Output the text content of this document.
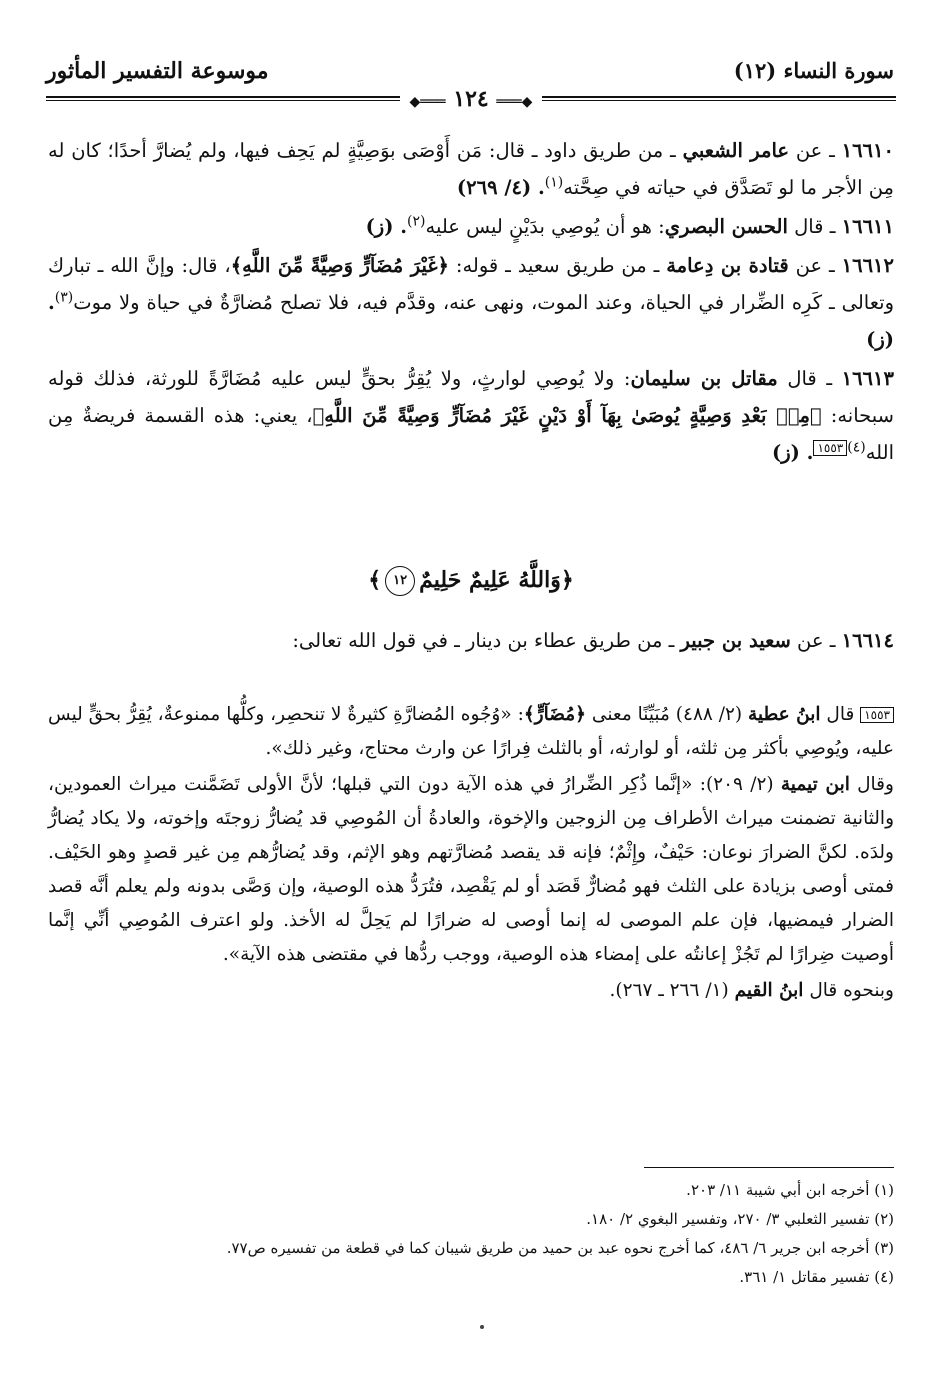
سورة النساء (١٢)
موسوعة التفسير المأثور
◆═══ ١٢٤ ═══◆

١٦٦١٠ ـ عن عامر الشعبي ـ من طريق داود ـ قال: مَن أَوْصَى بوَصِيَّةٍ لم يَحِف فيها، ولم يُضارَّ أحدًا؛ كان له مِن الأجر ما لو تَصَدَّق في حياته في صِحَّته$^{(١)}$. (٤/ ٢٦٩)

١٦٦١١ ـ قال الحسن البصري: هو أن يُوصِي بدَيْنٍ ليس عليه$^{(٢)}$. (ز)

١٦٦١٢ ـ عن قتادة بن دِعامة ـ من طريق سعيد ـ قوله: ﴿غَيْرَ مُضَآرٍّ وَصِيَّةً مِّنَ اللَّهِ﴾، قال: وإنَّ الله ـ تبارك وتعالى ـ كَرِه الضِّرار في الحياة، وعند الموت، ونهى عنه، وقدَّم فيه، فلا تصلح مُضارَّةٌ في حياة ولا موت$^{(٣)}$. (ز)

١٦٦١٣ ـ قال مقاتل بن سليمان: ولا يُوصِي لوارثٍ، ولا يُقِرُّ بحقٍّ ليس عليه مُضَارَّةً للورثة، فذلك قوله سبحانه: ﴿مِنۢ بَعْدِ وَصِيَّةٍ يُوصَىٰ بِهَآ أَوْ دَيْنٍ غَيْرَ مُضَآرٍّ وَصِيَّةً مِّنَ اللَّهِ﴾، يعني: هذه القسمة فريضةٌ مِن الله$^{(٤)}$١٥٥٣. (ز)

﴿وَاللَّهُ عَلِيمٌ حَلِيمٌ١٢﴾

١٦٦١٤ ـ عن سعيد بن جبير ـ من طريق عطاء بن دينار ـ في قول الله تعالى:

١٥٥٣ قال ابنُ عطية (٢/ ٤٨٨) مُبَيِّنًا معنى ﴿مُضَآرٍّ﴾: «وُجُوه المُضارَّةِ كثيرةٌ لا تنحصِر، وكلُّها ممنوعةٌ، يُقِرُّ بحقٍّ ليس عليه، ويُوصِي بأكثر مِن ثلثه، أو لوارثه، أو بالثلث فِرارًا عن وارث محتاج، وغير ذلك».

وقال ابن تيمية (٢/ ٢٠٩): «إنَّما ذُكِر الضِّرارُ في هذه الآية دون التي قبلها؛ لأنَّ الأولى تَضَمَّنت ميراث العمودين، والثانية تضمنت ميراث الأطراف مِن الزوجين والإخوة، والعادةُ أن المُوصِي قد يُضارُّ زوجتَه وإخوته، ولا يكاد يُضارُّ ولدَه. لكنَّ الضرارَ نوعان: حَيْفٌ، وإِثْمٌ؛ فإنه قد يقصد مُضارَّتهم وهو الإثم، وقد يُضارُّهم مِن غير قصدٍ وهو الحَيْف. فمتى أوصى بزيادة على الثلث فهو مُضارٌّ قَصَد أو لم يَقْصِد، فتُرَدُّ هذه الوصية، وإن وَصَّى بدونه ولم يعلم أنَّه قصد الضرار فيمضيها، فإن علم الموصى له إنما أوصى له ضرارًا لم يَحِلَّ له الأخذ. ولو اعترف المُوصِي أنِّي إنَّما أوصيت ضِرارًا لم تَجُزْ إعانتُه على إمضاء هذه الوصية، ووجب ردُّها في مقتضى هذه الآية».

وبنحوه قال ابنُ القيم (١/ ٢٦٦ ـ ٢٦٧).

(١) أخرجه ابن أبي شيبة ١١/ ٢٠٣.
(٢) تفسير الثعلبي ٣/ ٢٧٠، وتفسير البغوي ٢/ ١٨٠.
(٣) أخرجه ابن جرير ٦/ ٤٨٦، كما أخرج نحوه عبد بن حميد من طريق شيبان كما في قطعة من تفسيره ص٧٧.
(٤) تفسير مقاتل ١/ ٣٦١.
